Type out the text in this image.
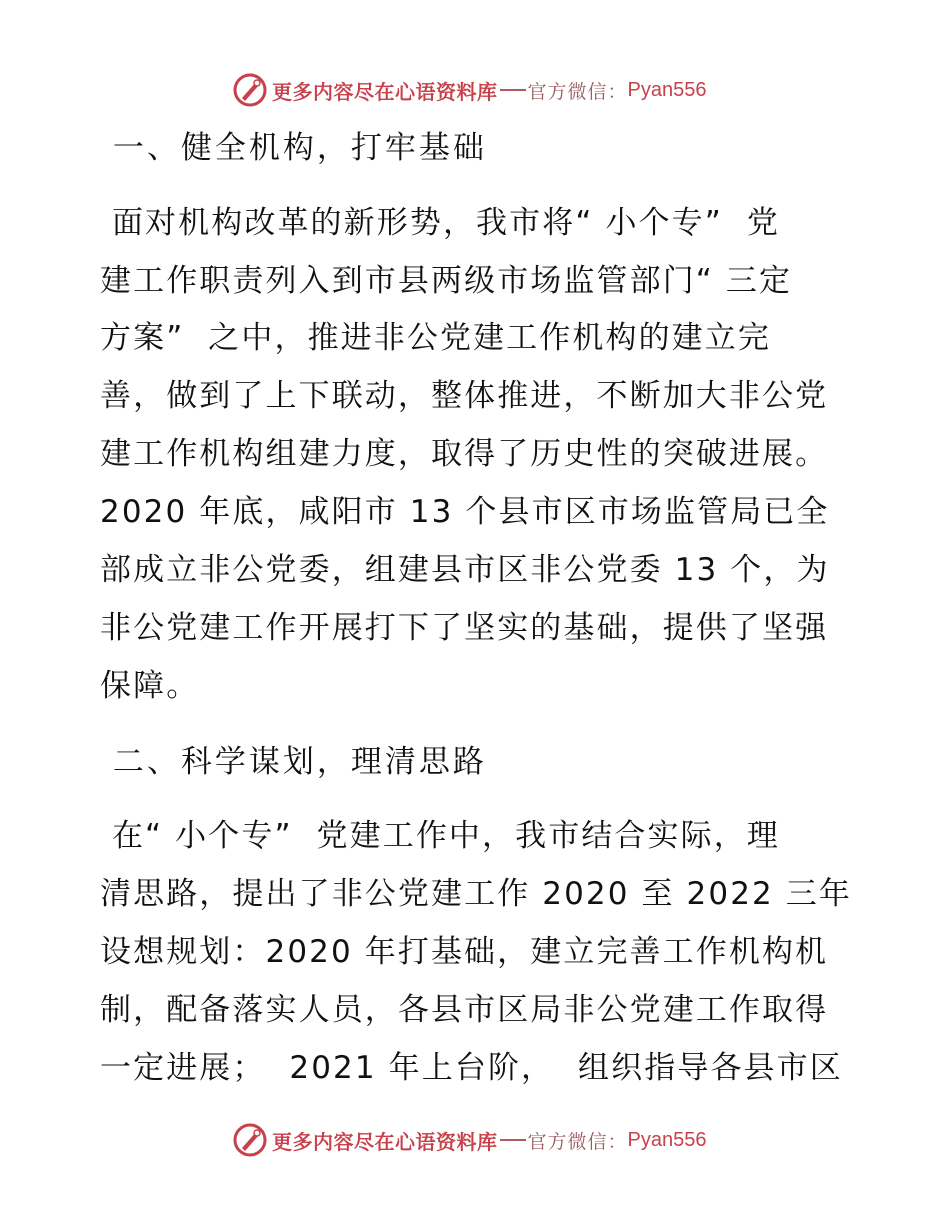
更多内容尽在心语资料库 官方微信： Pyan556

一、健全机构，打牢基础

面对机构改革的新形势，我市将“ 小个专”  党

建工作职责列入到市县两级市场监管部门“ 三定

方案”  之中，推进非公党建工作机构的建立完

善，做到了上下联动，整体推进，不断加大非公党

建工作机构组建力度，取得了历史性的突破进展。

2020 年底，咸阳市 13 个县市区市场监管局已全

部成立非公党委，组建县市区非公党委 13 个，为

非公党建工作开展打下了坚实的基础，提供了坚强

保障。

二、科学谋划，理清思路

在“ 小个专”  党建工作中，我市结合实际，理

清思路，提出了非公党建工作 2020 至 2022 三年

设想规划：2020 年打基础，建立完善工作机构机

制，配备落实人员，各县市区局非公党建工作取得

一定进展；  2021 年上台阶，  组织指导各县市区

更多内容尽在心语资料库 官方微信： Pyan556
